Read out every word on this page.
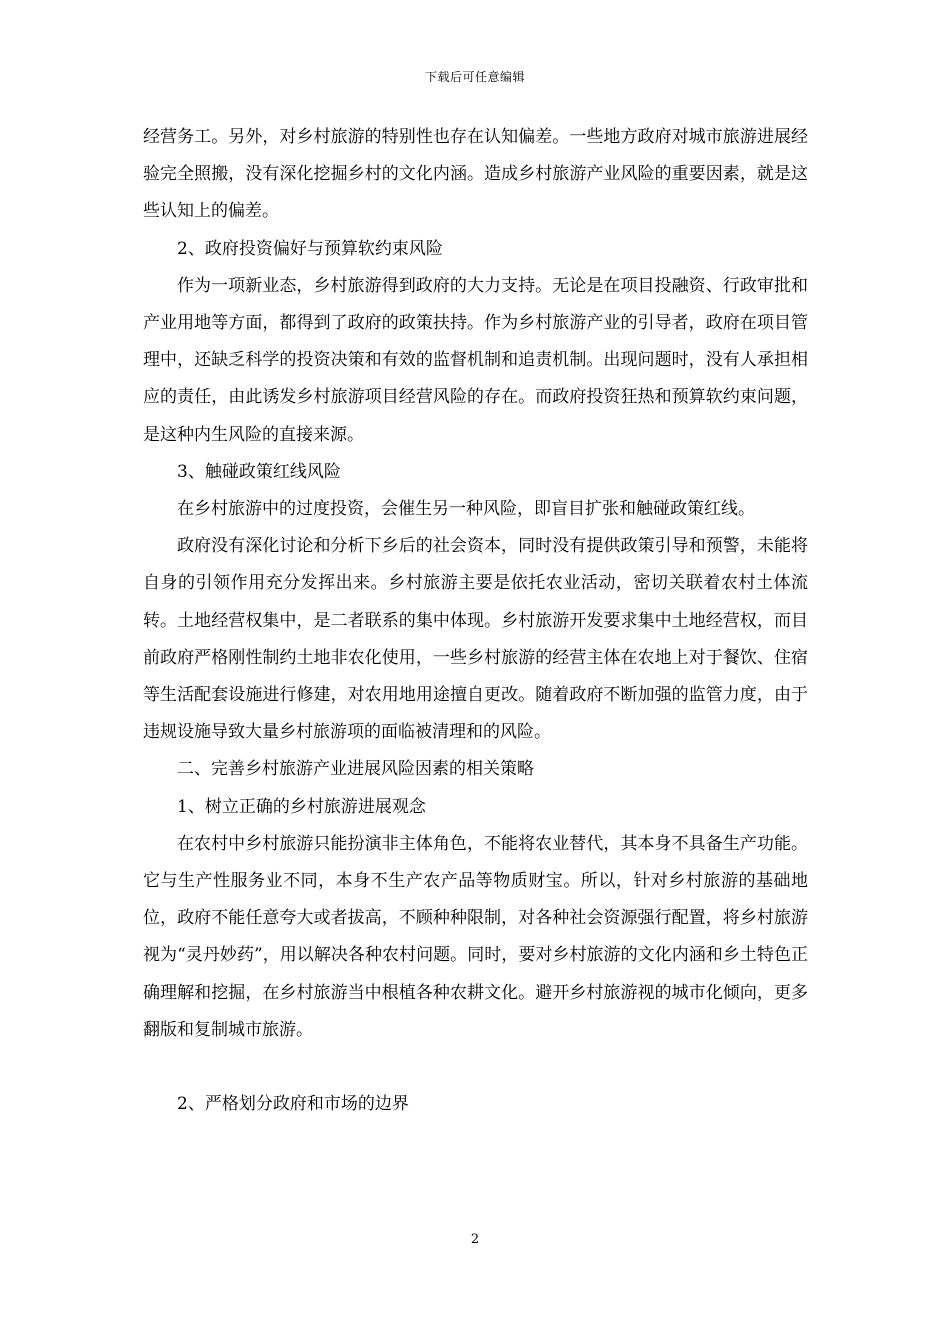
下载后可任意编辑

经营务工。另外，对乡村旅游的特别性也存在认知偏差。一些地方政府对城市旅游进展经验完全照搬，没有深化挖掘乡村的文化内涵。造成乡村旅游产业风险的重要因素，就是这些认知上的偏差。

2、政府投资偏好与预算软约束风险

作为一项新业态，乡村旅游得到政府的大力支持。无论是在项目投融资、行政审批和产业用地等方面，都得到了政府的政策扶持。作为乡村旅游产业的引导者，政府在项目管理中，还缺乏科学的投资决策和有效的监督机制和追责机制。出现问题时，没有人承担相应的责任，由此诱发乡村旅游项目经营风险的存在。而政府投资狂热和预算软约束问题，是这种内生风险的直接来源。

3、触碰政策红线风险

在乡村旅游中的过度投资，会催生另一种风险，即盲目扩张和触碰政策红线。

政府没有深化讨论和分析下乡后的社会资本，同时没有提供政策引导和预警，未能将自身的引领作用充分发挥出来。乡村旅游主要是依托农业活动，密切关联着农村土体流转。土地经营权集中，是二者联系的集中体现。乡村旅游开发要求集中土地经营权，而目前政府严格刚性制约土地非农化使用，一些乡村旅游的经营主体在农地上对于餐饮、住宿等生活配套设施进行修建，对农用地用途擅自更改。随着政府不断加强的监管力度，由于违规设施导致大量乡村旅游项的面临被清理和的风险。

二、完善乡村旅游产业进展风险因素的相关策略

1、树立正确的乡村旅游进展观念

在农村中乡村旅游只能扮演非主体角色，不能将农业替代，其本身不具备生产功能。它与生产性服务业不同，本身不生产农产品等物质财宝。所以，针对乡村旅游的基础地位，政府不能任意夸大或者拔高，不顾种种限制，对各种社会资源强行配置，将乡村旅游视为“灵丹妙药”，用以解决各种农村问题。同时，要对乡村旅游的文化内涵和乡土特色正确理解和挖掘，在乡村旅游当中根植各种农耕文化。避开乡村旅游视的城市化倾向，更多翻版和复制城市旅游。

2、严格划分政府和市场的边界

2
